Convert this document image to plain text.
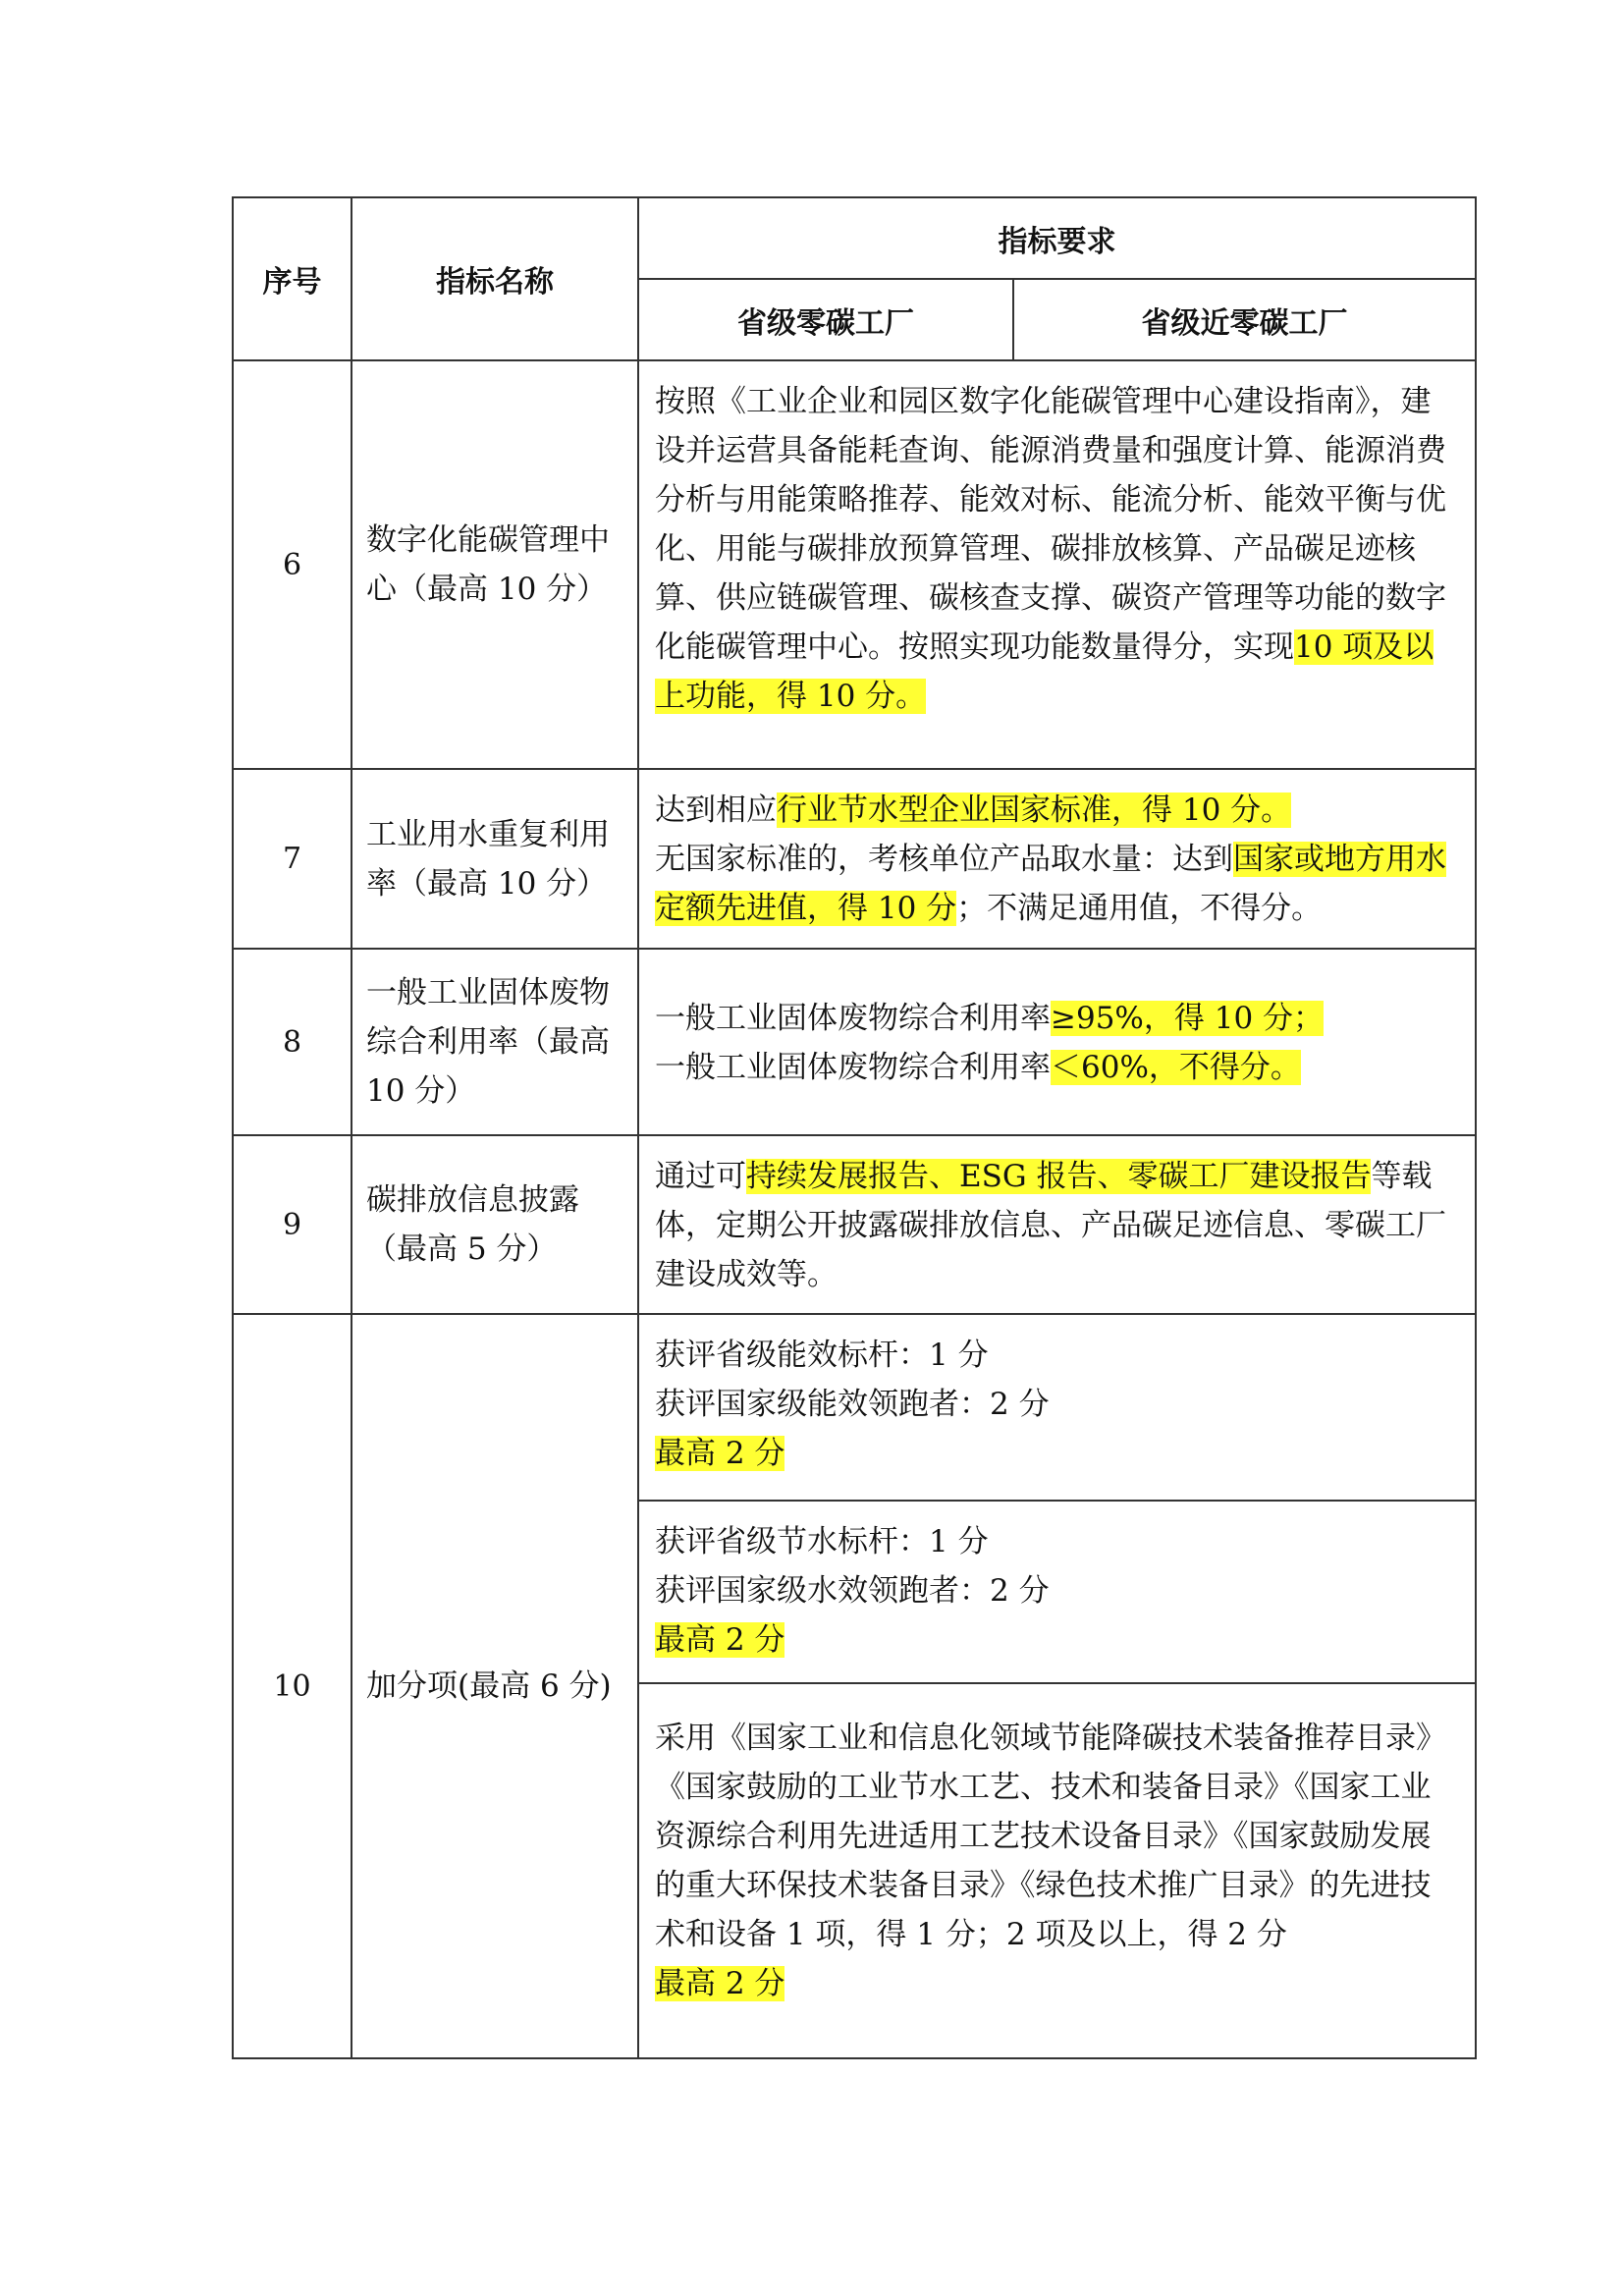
序号	指标名称	指标要求	
		省级零碳工厂	省级近零碳工厂
6	数字化能碳管理中心（最高 10 分）	按照《工业企业和园区数字化能碳管理中心建设指南》，建设并运营具备能耗查询、能源消费量和强度计算、能源消费分析与用能策略推荐、能效对标、能流分析、能效平衡与优化、用能与碳排放预算管理、碳排放核算、产品碳足迹核算、供应链碳管理、碳核查支撑、碳资产管理等功能的数字化能碳管理中心。按照实现功能数量得分，实现10 项及以上功能，得 10 分。	
7	工业用水重复利用率（最高 10 分）	达到相应行业节水型企业国家标准，得 10 分。
无国家标准的，考核单位产品取水量：达到国家或地方用水定额先进值，得 10 分；不满足通用值，不得分。	
8	一般工业固体废物综合利用率（最高 10 分）	一般工业固体废物综合利用率≥95%，得 10 分；
一般工业固体废物综合利用率＜60%，不得分。	

9	碳排放信息披露（最高 5 分）	通过可持续发展报告、ESG 报告、零碳工厂建设报告等载体，定期公开披露碳排放信息、产品碳足迹信息、零碳工厂建设成效等。	
10	加分项(最高 6 分)	获评省级能效标杆：1 分
获评国家级能效领跑者：2 分
最高 2 分	

		获评省级节水标杆：1 分
获评国家级水效领跑者：2 分
最高 2 分	

		采用《国家工业和信息化领域节能降碳技术装备推荐目录》《国家鼓励的工业节水工艺、技术和装备目录》《国家工业资源综合利用先进适用工艺技术设备目录》《国家鼓励发展的重大环保技术装备目录》《绿色技术推广目录》的先进技术和设备 1 项，得 1 分；2 项及以上，得 2 分
最高 2 分	
